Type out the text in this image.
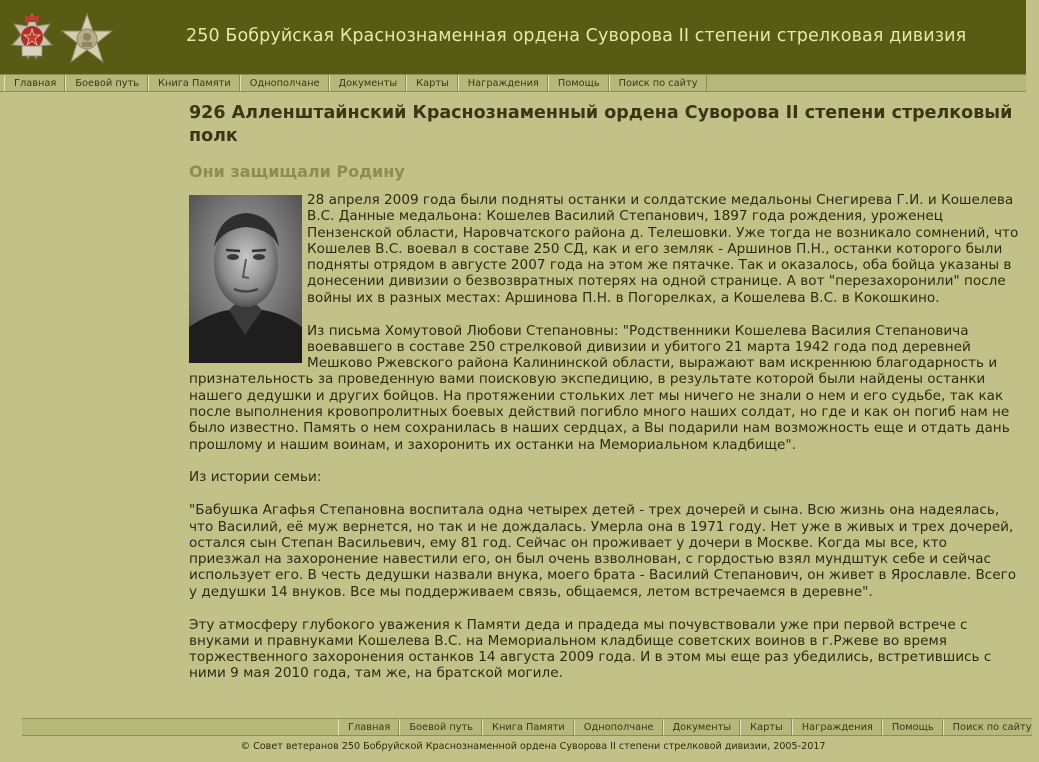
250 Бобруйская Краснознаменная ордена Суворова II степени стрелковая дивизия
Главная	Боевой путь	Книга Памяти	Однополчане	Документы	Карты	Награждения	Помощь	Поиск по сайту
926 Алленштайнский Краснознаменный ордена Суворова II степени стрелковый полк
Они защищали Родину

28 апреля 2009 года были подняты останки и солдатские медальоны Снегирева Г.И. и Кошелева В.С. Данные медальона: Кошелев Василий Степанович, 1897 года рождения, уроженец Пензенской области, Наровчатского района д. Телешовки. Уже тогда не возникало сомнений, что Кошелев В.С. воевал в составе 250 СД, как и его земляк - Аршинов П.Н., останки которого были подняты отрядом в августе 2007 года на этом же пятачке. Так и оказалось, оба бойца указаны в донесении дивизии о безвозвратных потерях на одной странице. А вот "перезахоронили" после войны их в разных местах: Аршинова П.Н. в Погорелках, а Кошелева В.С. в Кокошкино.

Из письма Хомутовой Любови Степановны: "Родственники Кошелева Василия Степановича воевавшего в составе 250 стрелковой дивизии и убитого 21 марта 1942 года под деревней Мешково Ржевского района Калининской области, выражают вам искреннюю благодарность и признательность за проведенную вами поисковую экспедицию, в результате которой были найдены останки нашего дедушки и других бойцов. На протяжении стольких лет мы ничего не знали о нем и его судьбе, так как после выполнения кровопролитных боевых действий погибло много наших солдат, но где и как он погиб нам не было известно. Память о нем сохранилась в наших сердцах, а Вы подарили нам возможность еще и отдать дань прошлому и нашим воинам, и захоронить их останки на Мемориальном кладбище".

Из истории семьи:

"Бабушка Агафья Степановна воспитала одна четырех детей - трех дочерей и сына. Всю жизнь она надеялась, что Василий, её муж вернется, но так и не дождалась. Умерла она в 1971 году. Нет уже в живых и трех дочерей, остался сын Степан Васильевич, ему 81 год. Сейчас он проживает у дочери в Москве. Когда мы все, кто приезжал на захоронение навестили его, он был очень взволнован, с гордостью взял мундштук себе и сейчас использует его. В честь дедушки назвали внука, моего брата - Василий Степанович, он живет в Ярославле. Всего у дедушки 14 внуков. Все мы поддерживаем связь, общаемся, летом встречаемся в деревне".

Эту атмосферу глубокого уважения к Памяти деда и прадеда мы почувствовали уже при первой встрече с внуками и правнуками Кошелева В.С. на Мемориальном кладбище советских воинов в г.Ржеве во время торжественного захоронения останков 14 августа 2009 года. И в этом мы еще раз убедились, встретившись с ними 9 мая 2010 года, там же, на братской могиле.

Главная	Боевой путь	Книга Памяти	Однополчане	Документы	Карты	Награждения	Помощь	Поиск по сайту
© Совет ветеранов 250 Бобруйской Краснознаменной ордена Суворова II степени стрелковой дивизии, 2005-2017
